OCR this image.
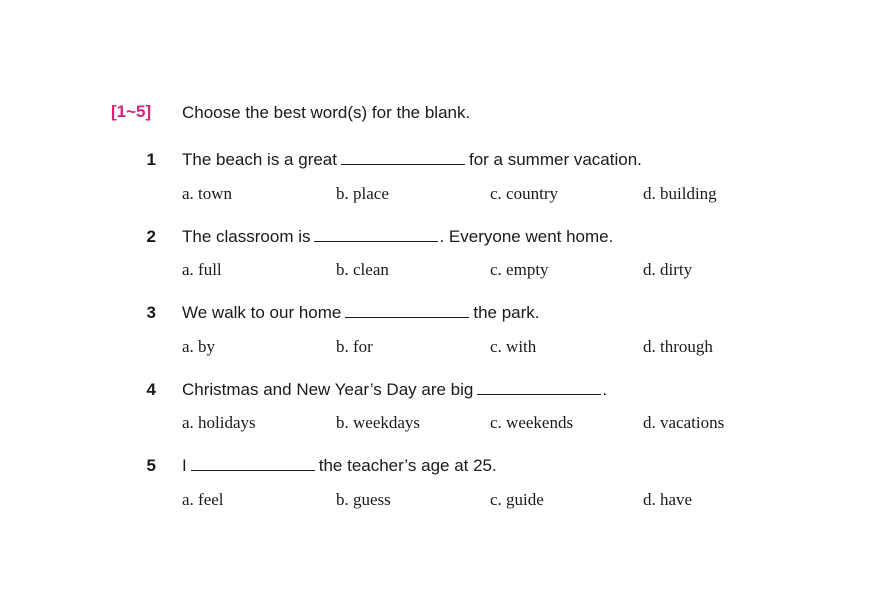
[1~5] Choose the best word(s) for the blank.
1 The beach is a great	for a summer vacation.
a. town	b. place	c. country	d. building
2 The classroom is	. Everyone went home.
a. full	b. clean	c. empty	d. dirty
3 We walk to our home	the park.
a. by	b. for	c. with	d. through
4 Christmas and New Year’s Day are big	.
a. holidays	b. weekdays	c. weekends	d. vacations
5 I	the teacher’s age at 25.
a. feel	b. guess	c. guide	d. have
